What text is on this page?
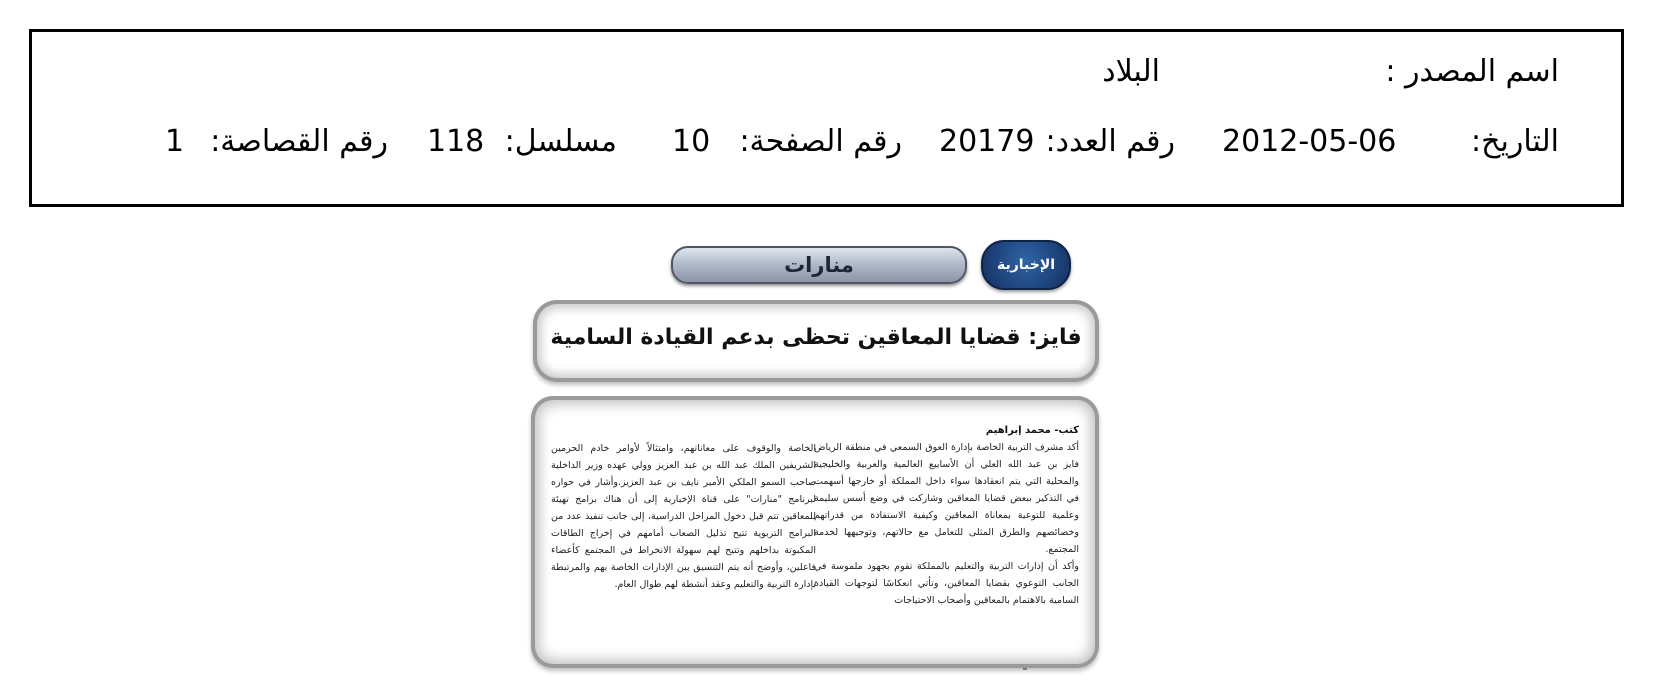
اسم المصدر :
البلاد
التاريخ:
2012-05-06
رقم العدد:
20179
رقم الصفحة:
10
مسلسل:
118
رقم القصاصة:
1
الإخبارية
منارات
فايز: قضايا المعاقين تحظى بدعم القيادة السامية
كتب- محمد إبراهيم

أكد مشرف التربية الخاصة بإدارة العوق السمعي في منطقة الرياض فايز بن عبد الله العلي أن الأسابيع العالمية والعربية والخليجية والمحلية التي يتم انعقادها سواء داخل المملكة أو خارجها أسهمت في التذكير ببعض قضايا المعاقين وشاركت في وضع أسس سليمة وعلمية للتوعية بمعاناة المعاقين وكيفية الاستفادة من قدراتهم وخصائصهم والطرق المثلى للتعامل مع حالاتهم، وتوجيهها لخدمة المجتمع.

وأكد أن إدارات التربية والتعليم بالمملكة تقوم بجهود ملموسة في الجانب التوعوي بقضايا المعاقين، وتأتي انعكاسًا لتوجهات القيادة السامية بالاهتمام بالمعاقين وأصحاب الاحتياجات

الخاصة والوقوف على معاناتهم، وامتثالاً لأوامر خادم الحرمين الشريفين الملك عبد الله بن عبد العزيز وولي عهده وزير الداخلية صاحب السمو الملكي الأمير نايف بن عبد العزيز.وأشار في حواره لبرنامج "منارات" على قناة الإخبارية إلى أن هناك برامج تهيئة للمعاقين تتم قبل دخول المراحل الدراسية، إلى جانب تنفيذ عدد من البرامج التربوية تتيح تذليل الصعاب أمامهم في إخراج الطاقات المكبوتة بداخلهم وتتيح لهم سهولة الانخراط في المجتمع كأعضاء فاعلين، وأوضح أنه يتم التنسيق بين الإدارات الخاصة بهم والمرتبطة بإدارة التربية والتعليم وعقد أنشطة لهم طوال العام.
